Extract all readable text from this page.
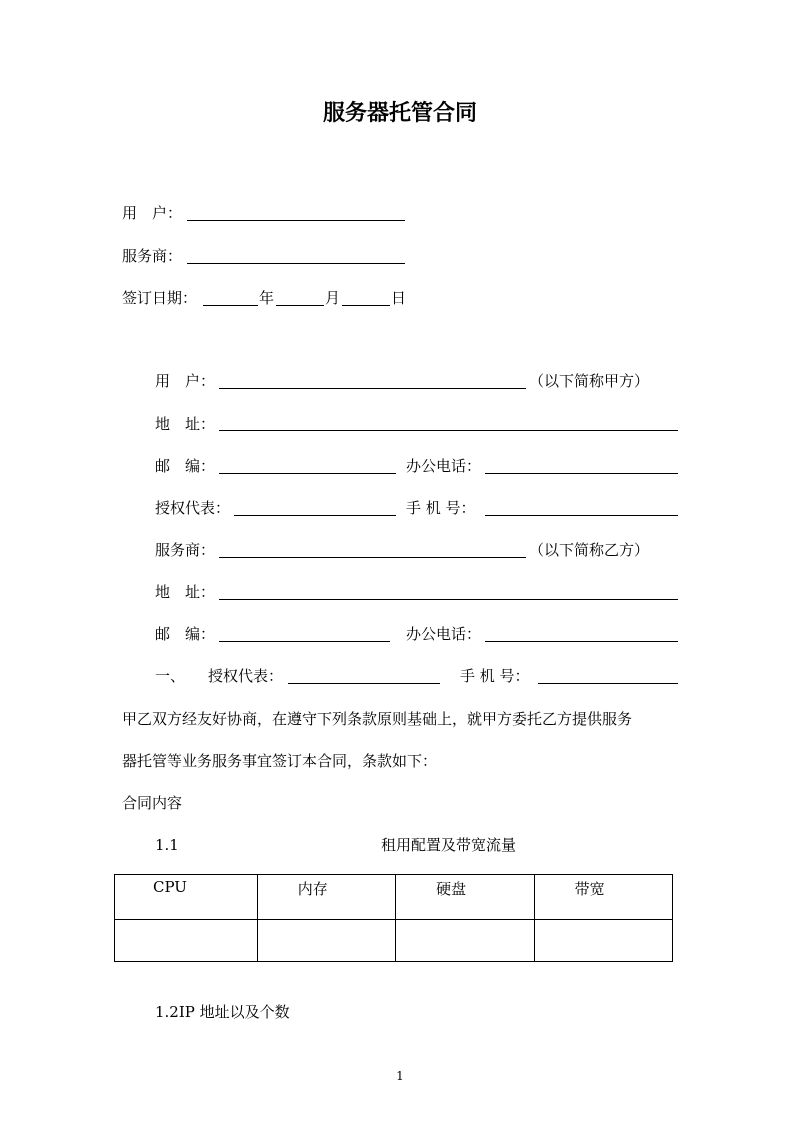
服务器托管合同
用　户：
服务商：
签订日期：	年	月	日
用　户：	（以下简称甲方）
地　址：
邮　编：	办公电话：
授权代表：	手 机 号：
服务商：	（以下简称乙方）
地　址：
邮　编：	办公电话：
一、 授权代表：	手 机 号：
甲乙双方经友好协商，在遵守下列条款原则基础上，就甲方委托乙方提供服务
器托管等业务服务事宜签订本合同，条款如下：
合同内容
1.1	租用配置及带宽流量
CPU	内存	硬盘	带宽

1.2IP 地址以及个数
1
